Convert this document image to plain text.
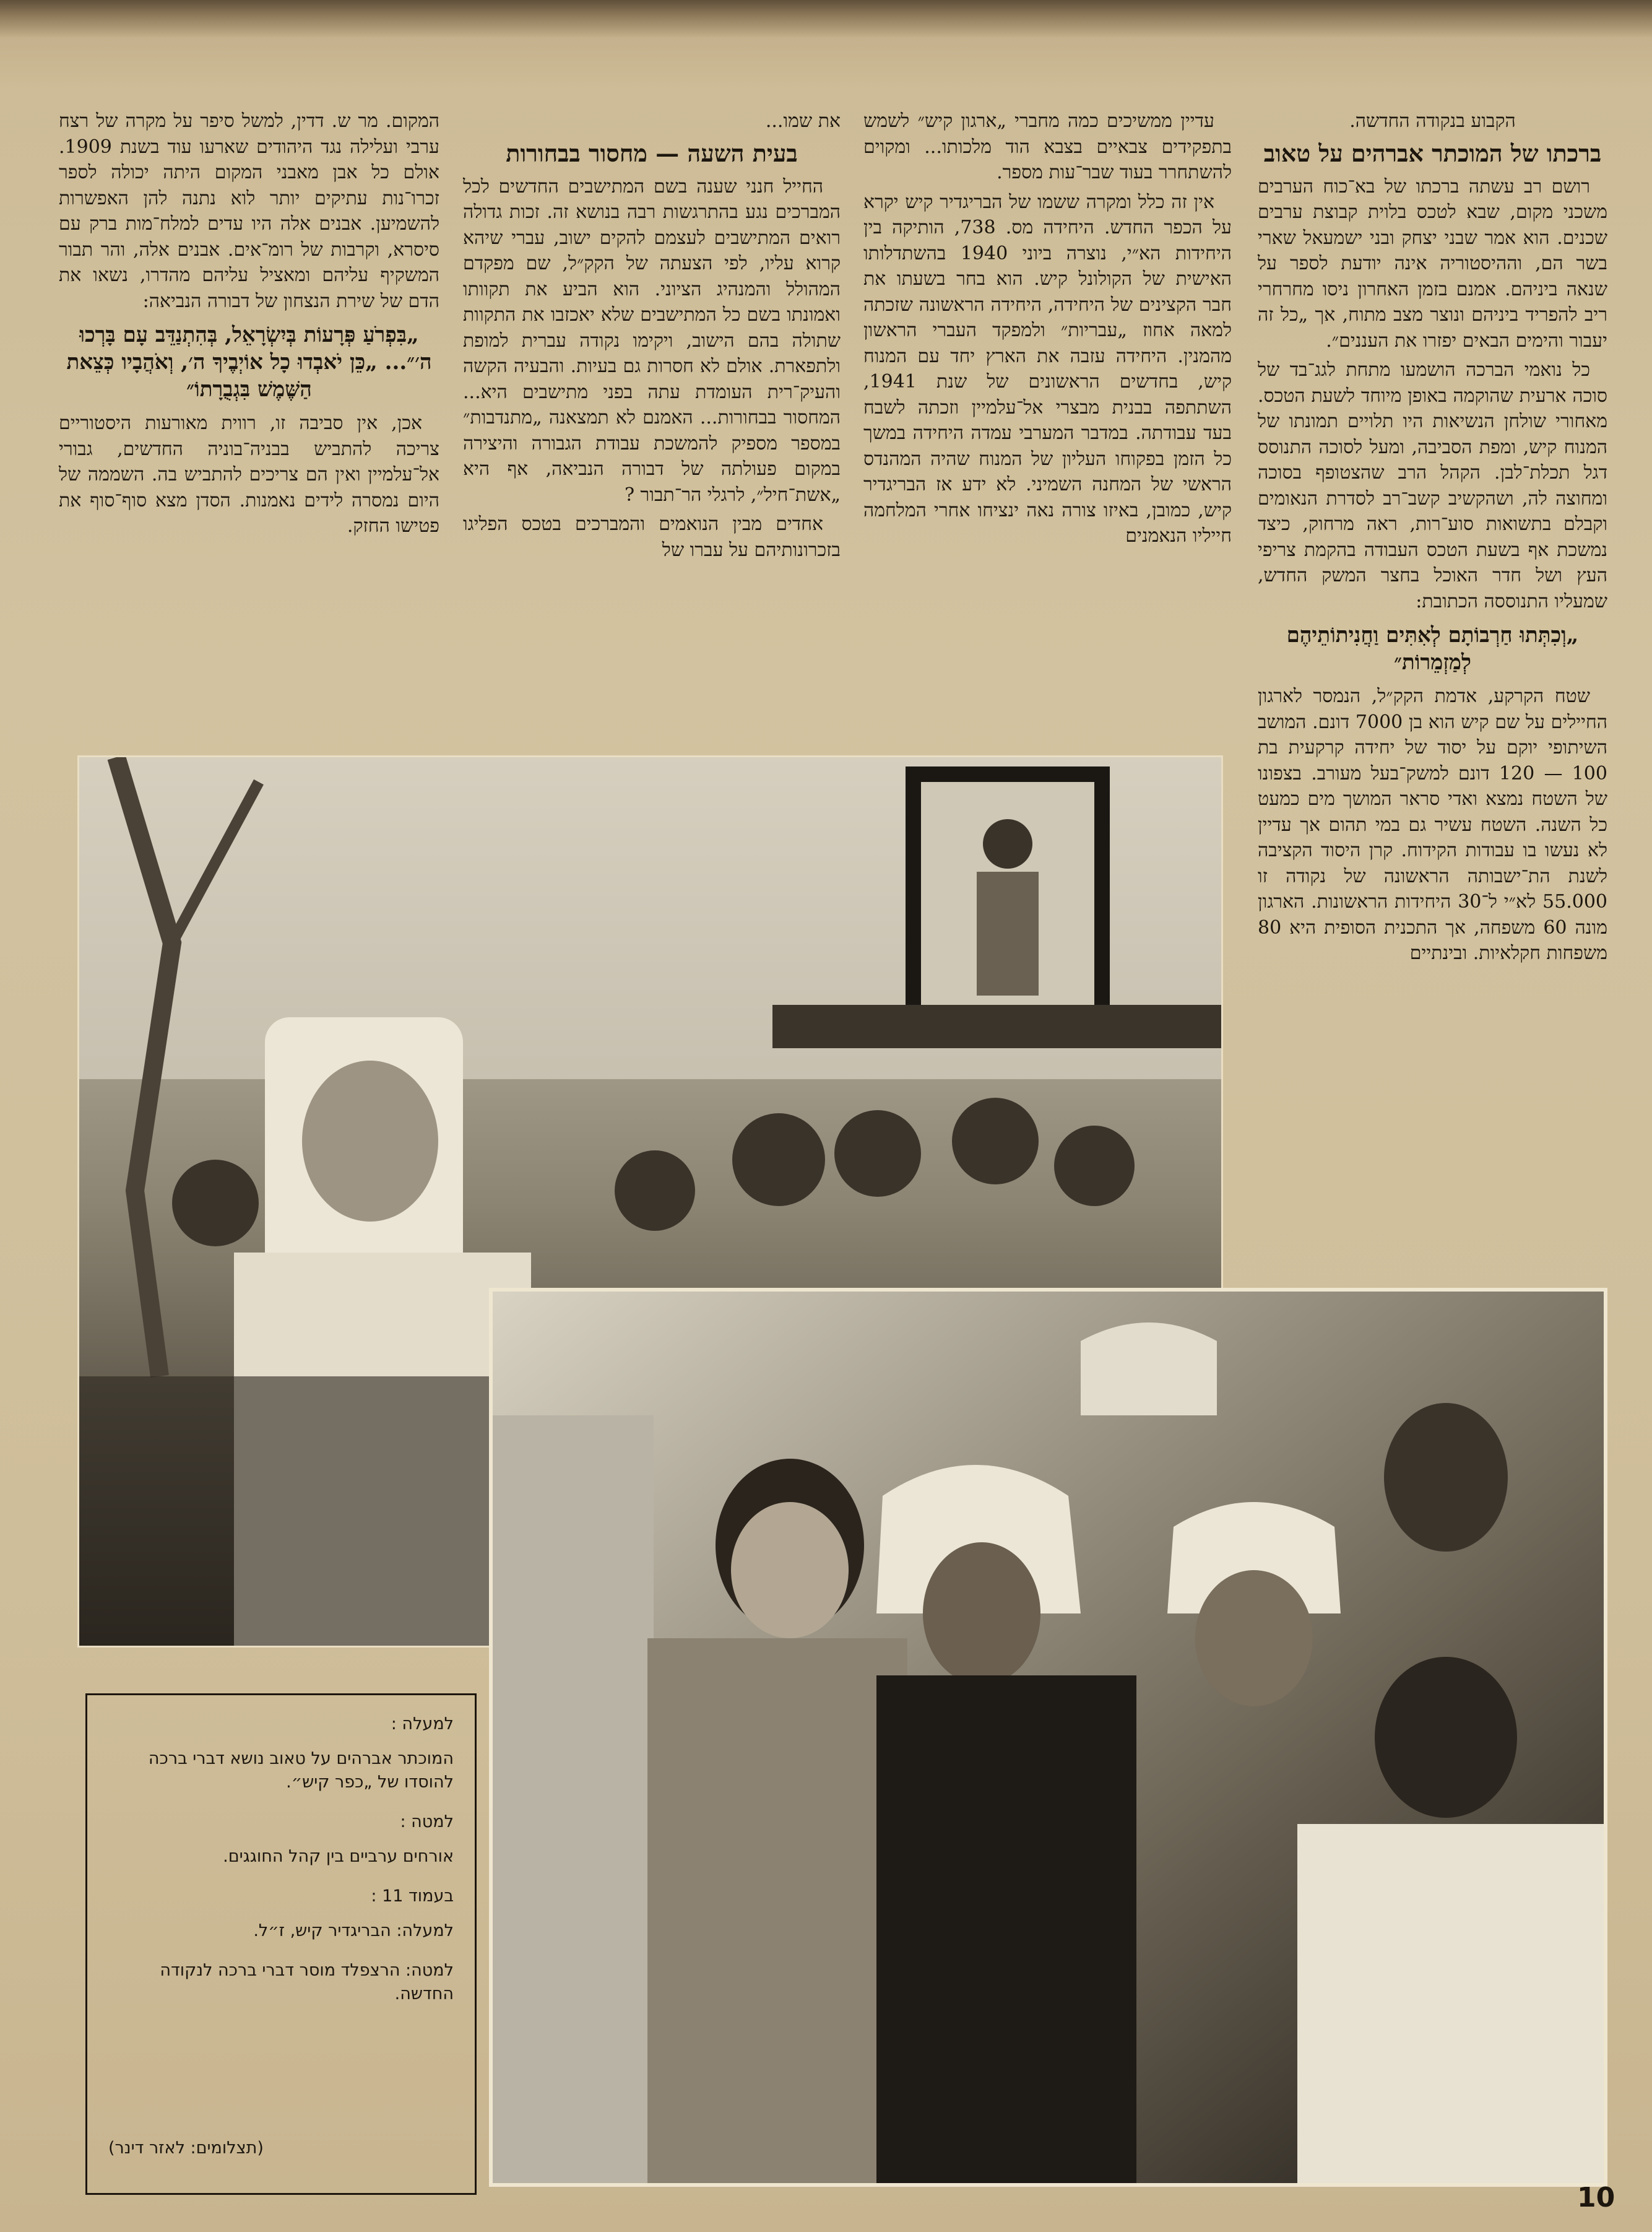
הקבוע בנקודה החדשה.

ברכתו של המוכתר אברהים על טאוב

רושם רב עשתה ברכתו של בא־כוח הערבים משכני מקום, שבא לטכס בלוית קבוצת ערבים שכנים. הוא אמר שבני יצחק ובני ישמעאל שארי בשר הם, וההיסטוריה אינה יודעת לספר על שנאה ביניהם. אמנם בזמן האחרון ניסו מחרחרי ריב להפריד ביניהם ונוצר מצב מתוח, אך „כל זה יעבור והימים הבאים יפזרו את העננים״.

כל נואמי הברכה הושמעו מתחת לגג־בד של סוכה ארעית שהוקמה באופן מיוחד לשעת הטכס. מאחורי שולחן הנשיאות היו תלויים תמונתו של המנוח קיש, ומפת הסביבה, ומעל לסוכה התנוסס דגל תכלת־לבן. הקהל הרב שהצטופף בסוכה ומחוצה לה, ושהקשיב קשב־רב לסדרת הנאומים וקבלם בתשואות סוע־רות, ראה מרחוק, כיצד נמשכת אף בשעת הטכס העבודה בהקמת צריפי העץ ושל חדר האוכל בחצר המשק החדש, שמעליו התנוססה הכתובת:

„וְכִתְּתוּ חַרְבוֹתָם לְאִתִּים וַחֲנִיתוֹתֵיהֶם לְמַזְמֵרוֹת״

שטח הקרקע, אדמת הקק״ל, הנמסר לארגון החיילים על שם קיש הוא בן 7000 דונם. המושב השיתופי יוקם על יסוד של יחידה קרקעית בת 100 — 120 דונם למשק־בעל מעורב. בצפונו של השטח נמצא ואדי סראר המושך מים כמעט כל השנה. השטח עשיר גם במי תהום אך עדיין לא נעשו בו עבודות הקידוח. קרן היסוד הקציבה לשנת הת־ישבותה הראשונה של נקודה זו 55.000 לא״י ל־30 היחידות הראשונות. הארגון מונה 60 משפחה, אך התכנית הסופית היא 80 משפחות חקלאיות. ובינתיים

עדיין ממשיכים כמה מחברי „ארגון קיש״ לשמש בתפקידים צבאיים בצבא הוד מלכותו... ומקוים להשתחרר בעוד שבר־עות מספר.

אין זה כלל ומקרה ששמו של הבריגדיר קיש יקרא על הכפר החדש. היחידה מס. 738, הותיקה בין היחידות הא״י, נוצרה ביוני 1940 בהשתדלותו האישית של הקולונל קיש. הוא בחר בשעתו את חבר הקצינים של היחידה, היחידה הראשונה שזכתה למאה אחוז „עבריות״ ולמפקד העברי הראשון מהמנין. היחידה עזבה את הארץ יחד עם המנוח קיש, בחדשים הראשונים של שנת 1941, השתתפה בבנית מבצרי אל־עלמיין וזכתה לשבח בעד עבודתה. במדבר המערבי עמדה היחידה במשך כל הזמן בפקוחו העליון של המנוח שהיה המהנדס הראשי של המחנה השמיני. לא ידע אז הבריגדיר קיש, כמובן, באיזו צורה נאה ינציחו אחרי המלחמה חייליו הנאמנים

את שמו...

בעית השעה — מחסור בבחורות

החייל חנני שענה בשם המתישבים החדשים לכל המברכים נגע בהתרגשות רבה בנושא זה. זכות גדולה רואים המתישבים לעצמם להקים ישוב, עברי שיהא קרוא עליו, לפי הצעתה של הקק״ל, שם מפקדם המהולל והמנהיג הציוני. הוא הביע את תקוותו ואמונתו בשם כל המתישבים שלא יאכזבו את התקוות שתולה בהם הישוב, ויקימו נקודה עברית למופת ולתפארת. אולם לא חסרות גם בעיות. והבעיה הקשה והעיק־רית העומדת עתה בפני מתישבים היא... המחסור בבחורות... האמנם לא תמצאנה „מתנדבות״ במספר מספיק להמשכת עבודת הגבורה והיצירה במקום פעולתה של דבורה הנביאה, אף היא „אשת־חיל״, לרגלי הר־תבור ?

אחדים מבין הנואמים והמברכים בטכס הפליגו בזכרונותיהם על עברו של

המקום. מר ש. דדין, למשל סיפר על מקרה של רצח ערבי ועלילה נגד היהודים שארעו עוד בשנת 1909. אולם כל אבן מאבני המקום היתה יכולה לספר זכרו־נות עתיקים יותר לוא נתנה להן האפשרות להשמיען. אבנים אלה היו עדים למלח־מות ברק עם סיסרא, וקרבות של רומ־אים. אבנים אלה, והר תבור המשקיף עליהם ומאציל עליהם מהדרו, נשאו את הדם של שירת הנצחון של דבורה הנביאה:

„בִּפְרֹעַ פְּרָעוֹת בְּיִשְׂרָאֵל, בְּהִתְנַדֵּב עָם בָּרְכוּ ה׳״... „כֵּן יֹאבְדוּ כָל אוֹיְבֶיךָ ה׳, וְאֹהֲבָיו כְּצֵאת הַשֶּׁמֶשׁ בִּגְבֻרָתוֹ״

אכן, אין סביבה זו, רווית מאורעות היסטוריים צריכה להתביש בבניה־בוניה החדשים, גבורי אל־עלמיין ואין הם צריכים להתביש בה. השממה של היום נמסרה לידים נאמנות. הסדן מצא סוף־סוף את פטישו החזק.

למעלה :

המוכתר אברהים על טאוב נושא דברי ברכה להוסדו של „כפר קיש״.

למטה :

אורחים ערביים בין קהל החוגגים.

בעמוד 11 :

למעלה: הבריגדיר קיש, ז״ל.

למטה: הרצפלד מוסר דברי ברכה לנקודה החדשה.

(תצלומים: לאזר דינר)

10
